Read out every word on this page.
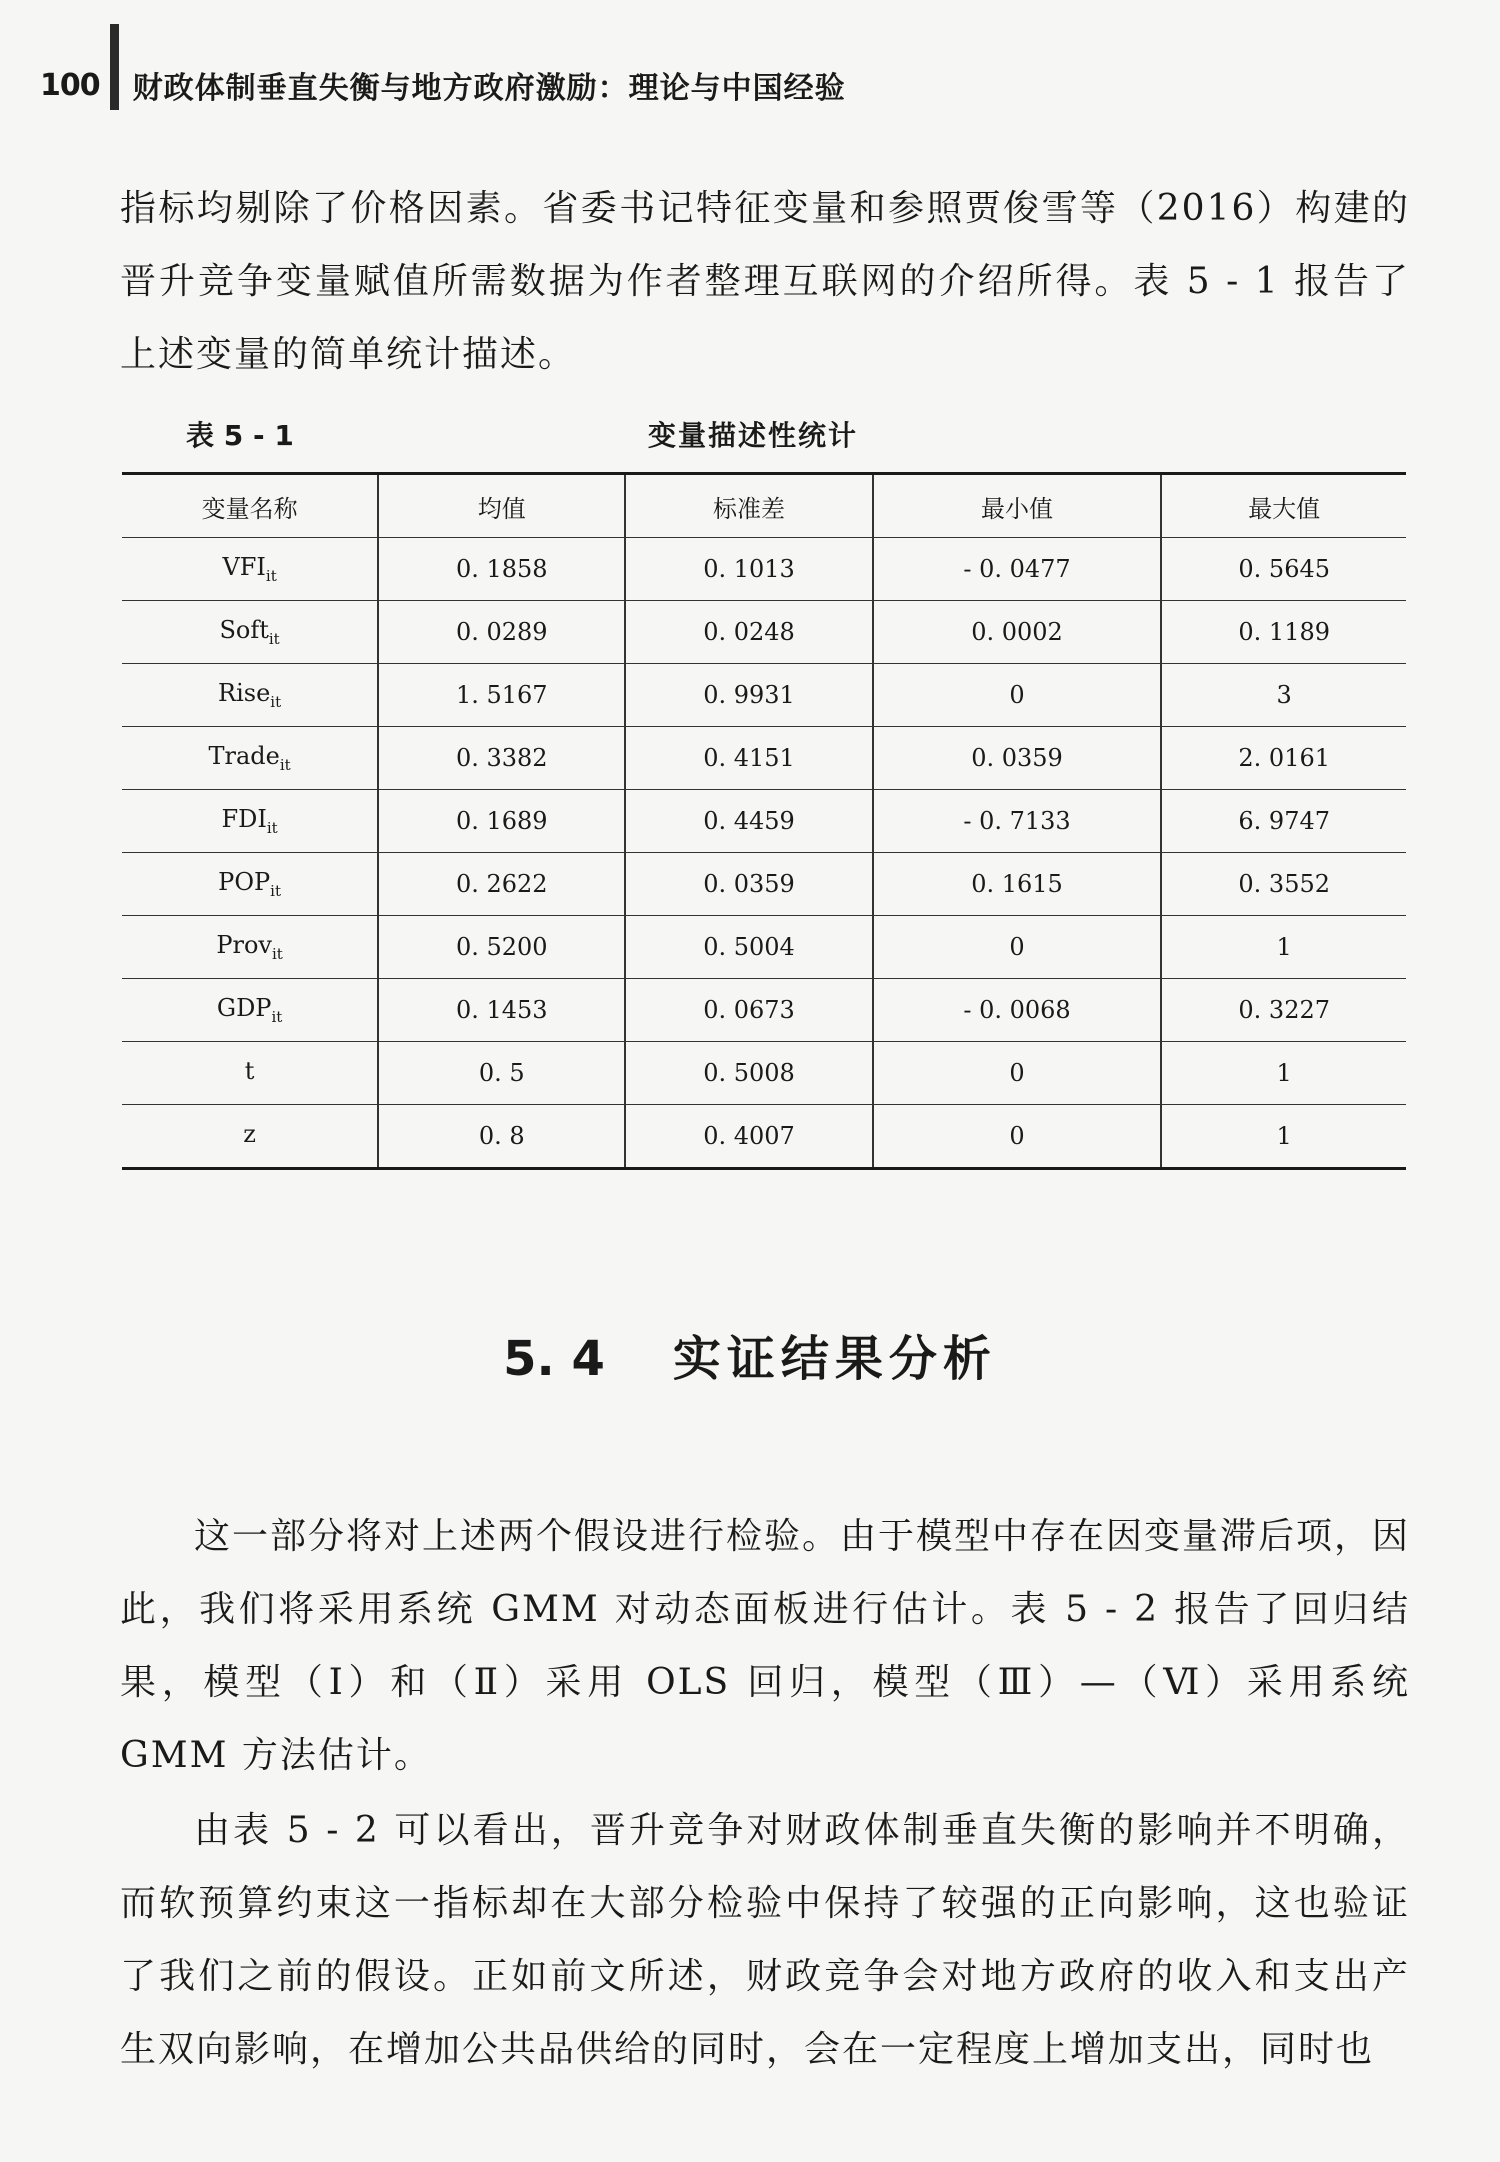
100 财政体制垂直失衡与地方政府激励：理论与中国经验

指标均剔除了价格因素。省委书记特征变量和参照贾俊雪等（2016）构建的晋升竞争变量赋值所需数据为作者整理互联网的介绍所得。表 5 - 1 报告了上述变量的简单统计描述。

表 5 - 1	变量描述性统计
变量名称	均值	标准差	最小值	最大值
$VFI_{it}$	0. 1858	0. 1013	- 0. 0477	0. 5645
Soft$_{it}$	0. 0289	0. 0248	0. 0002	0. 1189
Rise$_{it}$	1. 5167	0. 9931	0	3
Trade$_{it}$	0. 3382	0. 4151	0. 0359	2. 0161
$FDI_{it}$	0. 1689	0. 4459	- 0. 7133	6. 9747
$POP_{it}$	0. 2622	0. 0359	0. 1615	0. 3552
Prov$_{it}$	0. 5200	0. 5004	0	1
$GDP_{it}$	0. 1453	0. 0673	- 0. 0068	0. 3227
t	0. 5	0. 5008	0	1
z	0. 8	0. 4007	0	1
5. 4 实证结果分析

这一部分将对上述两个假设进行检验。由于模型中存在因变量滞后项，因此，我们将采用系统 GMM 对动态面板进行估计。表 5 - 2 报告了回归结果，模型（Ⅰ）和（Ⅱ）采用 OLS 回归，模型（Ⅲ）—（Ⅵ）采用系统 GMM 方法估计。

由表 5 - 2 可以看出，晋升竞争对财政体制垂直失衡的影响并不明确，而软预算约束这一指标却在大部分检验中保持了较强的正向影响，这也验证了我们之前的假设。正如前文所述，财政竞争会对地方政府的收入和支出产生双向影响，在增加公共品供给的同时，会在一定程度上增加支出，同时也
